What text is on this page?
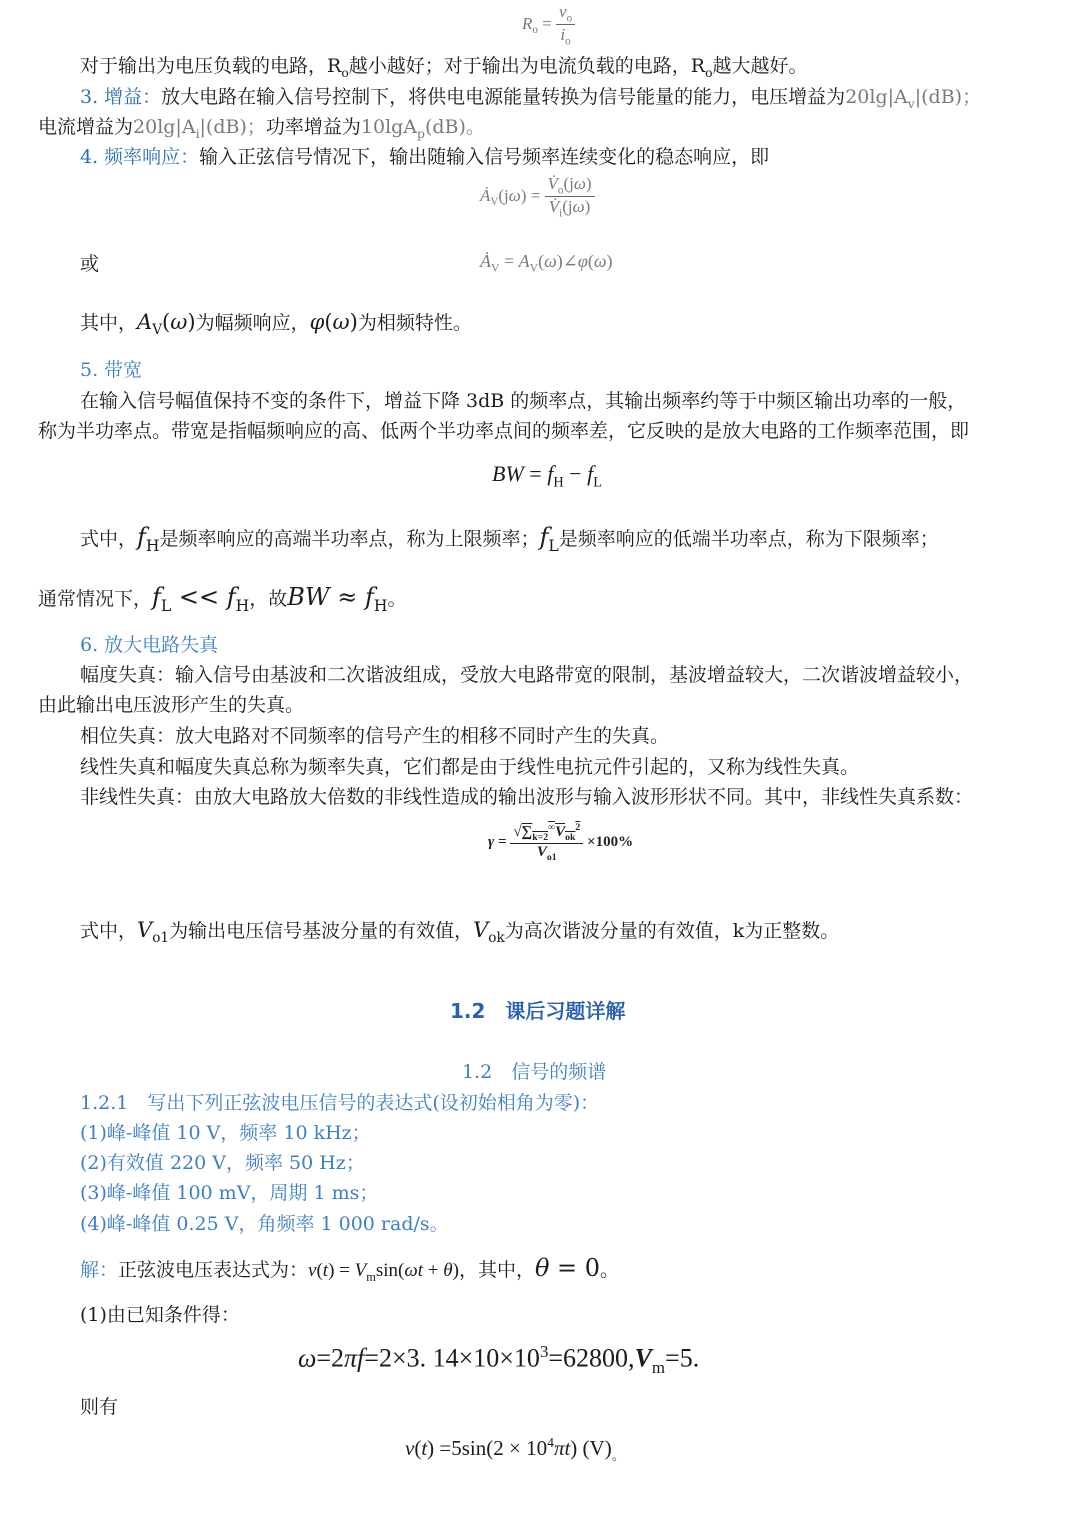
$R_o = \frac{v_o}{i_o}$
对于输出为电压负载的电路，$R_o$越小越好；对于输出为电流负载的电路，$R_o$越大越好。
3. 增益：放大电路在输入信号控制下，将供电电源能量转换为信号能量的能力，电压增益为$20\lg|A_v|(dB)$；
电流增益为$20\lg|A_i|(dB)$；功率增益为10lgA$_p$(dB)。
4. 频率响应：输入正弦信号情况下，输出随输入信号频率连续变化的稳态响应，即
$Ȧ_V(j\omega) = \frac{V̇_o(j\omega)}{V̇_i(j\omega)}$
或	$Ȧ_V$ = $A_V(\omega)\angle\varphi(\omega)$
其中，$A_V(\omega)$为幅频响应，φ(ω)为相频特性。
5. 带宽
在输入信号幅值保持不变的条件下，增益下降 3dB 的频率点，其输出频率约等于中频区输出功率的一般，
称为半功率点。带宽是指幅频响应的高、低两个半功率点间的频率差，它反映的是放大电路的工作频率范围，即
BW = $f_H - f_L$
式中，$f_H$是频率响应的高端半功率点，称为上限频率；$f_L$是频率响应的低端半功率点，称为下限频率；
通常情况下，$f_L << f_H$，故BW ≈ $f_H$。
6. 放大电路失真
幅度失真：输入信号由基波和二次谐波组成，受放大电路带宽的限制，基波增益较大，二次谐波增益较小，
由此输出电压波形产生的失真。
相位失真：放大电路对不同频率的信号产生的相移不同时产生的失真。
线性失真和幅度失真总称为频率失真，它们都是由于线性电抗元件引起的，又称为线性失真。
非线性失真：由放大电路放大倍数的非线性造成的输出波形与输入波形形状不同。其中，非线性失真系数：
$\gamma = \frac{√\sum_{k=2}^\infty V_{ok}^2}{V_{o1}} \times 100\%$
式中，$V_{o1}$为输出电压信号基波分量的有效值，$V_{ok}$为高次谐波分量的有效值，k为正整数。
1.2　课后习题详解
1.2　信号的频谱
1.2.1　写出下列正弦波电压信号的表达式(设初始相角为零)：
(1)峰-峰值 10 V，频率 10 kHz；
(2)有效值 220 V，频率 50 Hz；
(3)峰-峰值 100 mV，周期 1 ms；
(4)峰-峰值 0.25 V，角频率 1 000 rad/s。
解：正弦波电压表达式为：$v(t) = V_m\sin(\omega t + \theta)$，其中，θ = 0。
(1)由已知条件得：
ω=2πf=2×3. $14\times 10\times 10^3=62800,V_m=5$.
则有
$v(t) =5\sin(2 \times 10^4\pi t)$ $(V)_。$
